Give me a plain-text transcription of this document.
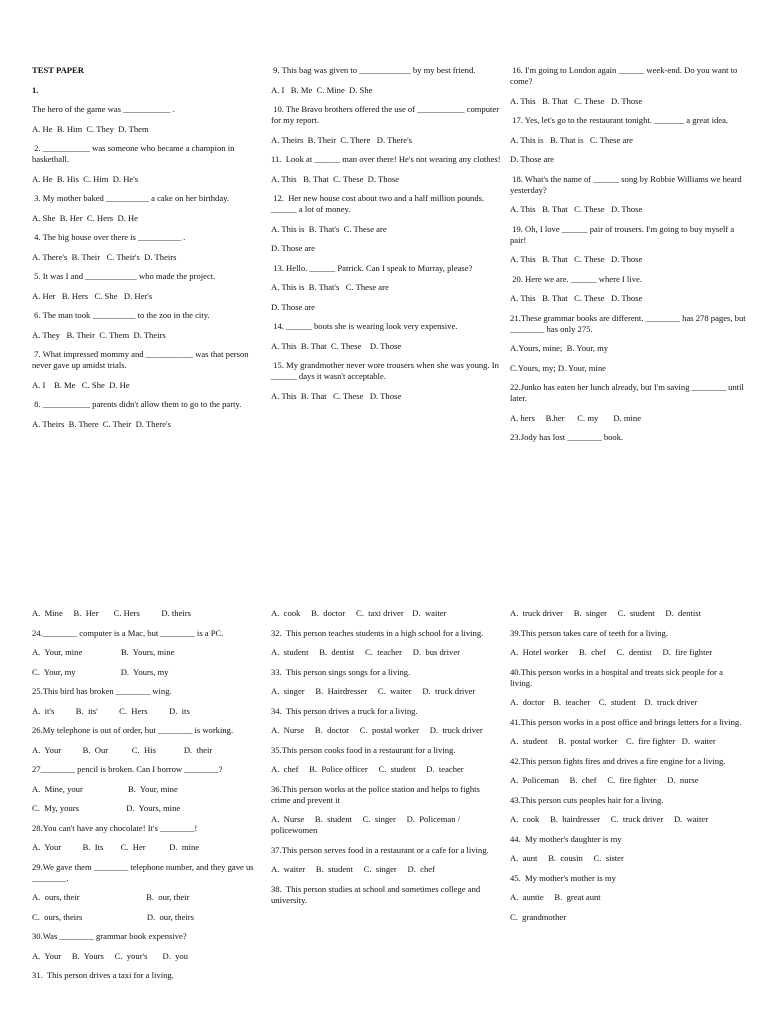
TEST PAPER
1.
The hero of the game was ___________ .
A. He  B. Him  C. They  D. Them
2. ___________ was someone who became a champion in basketball.
A. He  B. His  C. Him  D. He's
3. My mother baked __________ a cake on her birthday.
A. She  B. Her  C. Hers  D. He
4. The big house over there is __________ .
A. There's  B. Their   C. Their's  D. Theirs
5. It was I and ____________ who made the project.
A. Her   B. Hers   C. She   D. Her's
6. The man took __________ to the zoo in the city.
A. They   B. Their  C. Them  D. Theirs
7. What impressed mommy and ___________ was that person never gave up amidst trials.
A. I    B. Me   C. She  D. He
8. ___________ parents didn't allow them to go to the party.
A. Theirs  B. There  C. Their  D. There's
9. This bag was given to ____________ by my best friend.
A. I   B. Me  C. Mine  D. She
10. The Bravo brothers offered the use of ___________ computer for my report.
A. Theirs  B. Their  C. There   D. There's
11.  Look at ______ man over there! He's not wearing any clothes!
A. This   B. That  C. These  D. Those
12.  Her new house cost about two and a half million pounds. ______ a lot of money.
A. This is  B. That's  C. These are
D. Those are
13. Hello. ______ Patrick. Can I speak to Murray, please?
A. This is  B. That's   C. These are
D. Those are
14. ______ boots she is wearing look very expensive.
A. This  B. That  C. These    D. Those
15. My grandmother never wore trousers when she was young. In ______ days it wasn't acceptable.
A. This  B. That   C. These   D. Those
16. I'm going to London again ______ week-end. Do you want to come?
A. This   B. That   C. These   D. Those
17. Yes, let's go to the restaurant tonight. _______ a great idea.
A. This is   B. That is   C. These are
D. Those are
18. What's the name of ______ song by Robbie Williams we heard yesterday?
A. This   B. That   C. These   D. Those
19. Oh, I love ______ pair of trousers. I'm going to buy myself a pair!
A. This   B. That   C. These   D. Those
20. Here we are. ______ where I live.
A. This   B. That   C. These   D. Those
21.These grammar books are different. ________ has 278 pages, but ________ has only 275.
A.Yours, mine;  B. Your, my
C.Yours, my; D. Your, mine
22.Junko has eaten her lunch already, but I'm saving ________ until later.
A. hers     B.her      C. my       D. mine
23.Jody has lost ________ book.
A.  Mine     B.  Her       C. Hers          D. theirs
24.________ computer is a Mac, but ________ is a PC.
A.  Your, mine                  B.  Yours, mine
C.  Your, my                     D.  Yours, my
25.This bird has broken ________ wing.
A.  it's          B.  its'          C.  Hers          D.  its
26.My telephone is out of order, but ________ is working.
A.  Your          B.  Our           C.  His             D.  their
27________ pencil is broken. Can I borrow ________?
A.  Mine, your                     B.  Your, mine
C.  My, yours                      D.  Yours, mine
28.You can't have any chocolate! It's ________!
A.  Your          B.  Its        C.  Her           D.  mine
29.We gave them ________ telephone number, and they gave us ________.
A.  ours, their                               B.  our, their
C.  ours, theirs                              D.  our, theirs
30.Was ________ grammar book expensive?
A.  Your     B.  Yours     C.  your's       D.  you
31.  This person drives a taxi for a living.
A.  cook     B.  doctor     C.  taxi driver    D.  waiter
32.  This person teaches students in a high school for a living.
A.  student     B.  dentist     C.  teacher     D.  bus driver
33.  This person sings songs for a living.
A.  singer     B.  Hairdresser     C.  waiter     D.  truck driver
34.  This person drives a truck for a living.
A.  Nurse     B.  doctor     C.  postal worker     D.  truck driver
35.This person cooks food in a restaurant for a living.
A.  chef     B.  Police officer     C.  student     D.  teacher
36.This person works at the police station and helps to fights crime and prevent it
A.  Nurse     B.  student     C.  singer     D.  Policeman / policewomen
37.This person serves food in a restaurant or a cafe for a living.
A.  waiter     B.  student     C.  singer     D.  chef
38.  This person studies at school and sometimes college and university.
A.  truck driver     B.  singer     C.  student     D.  dentist
39.This person takes care of teeth for a living.
A.  Hotel worker     B.  chef     C.  dentist     D.  fire fighter
40.This person works in a hospital and treats sick people for a living.
A.  doctor    B.  teacher    C.  student    D.  truck driver
41.This person works in a post office and brings letters for a living.
A.  student     B.  postal worker    C.  fire fighter   D.  waiter
42.This person fights fires and drives a fire engine for a living.
A.  Policeman     B.  chef     C.  fire fighter     D.  nurse
43.This person cuts peoples hair for a living.
A.  cook     B.  hairdresser     C.  truck driver     D.  waiter
44.  My mother's daughter is my
A.  aunt     B.  cousin     C.  sister
45.  My mother's mother is my
A.  auntie     B.  great aunt
C.  grandmother
